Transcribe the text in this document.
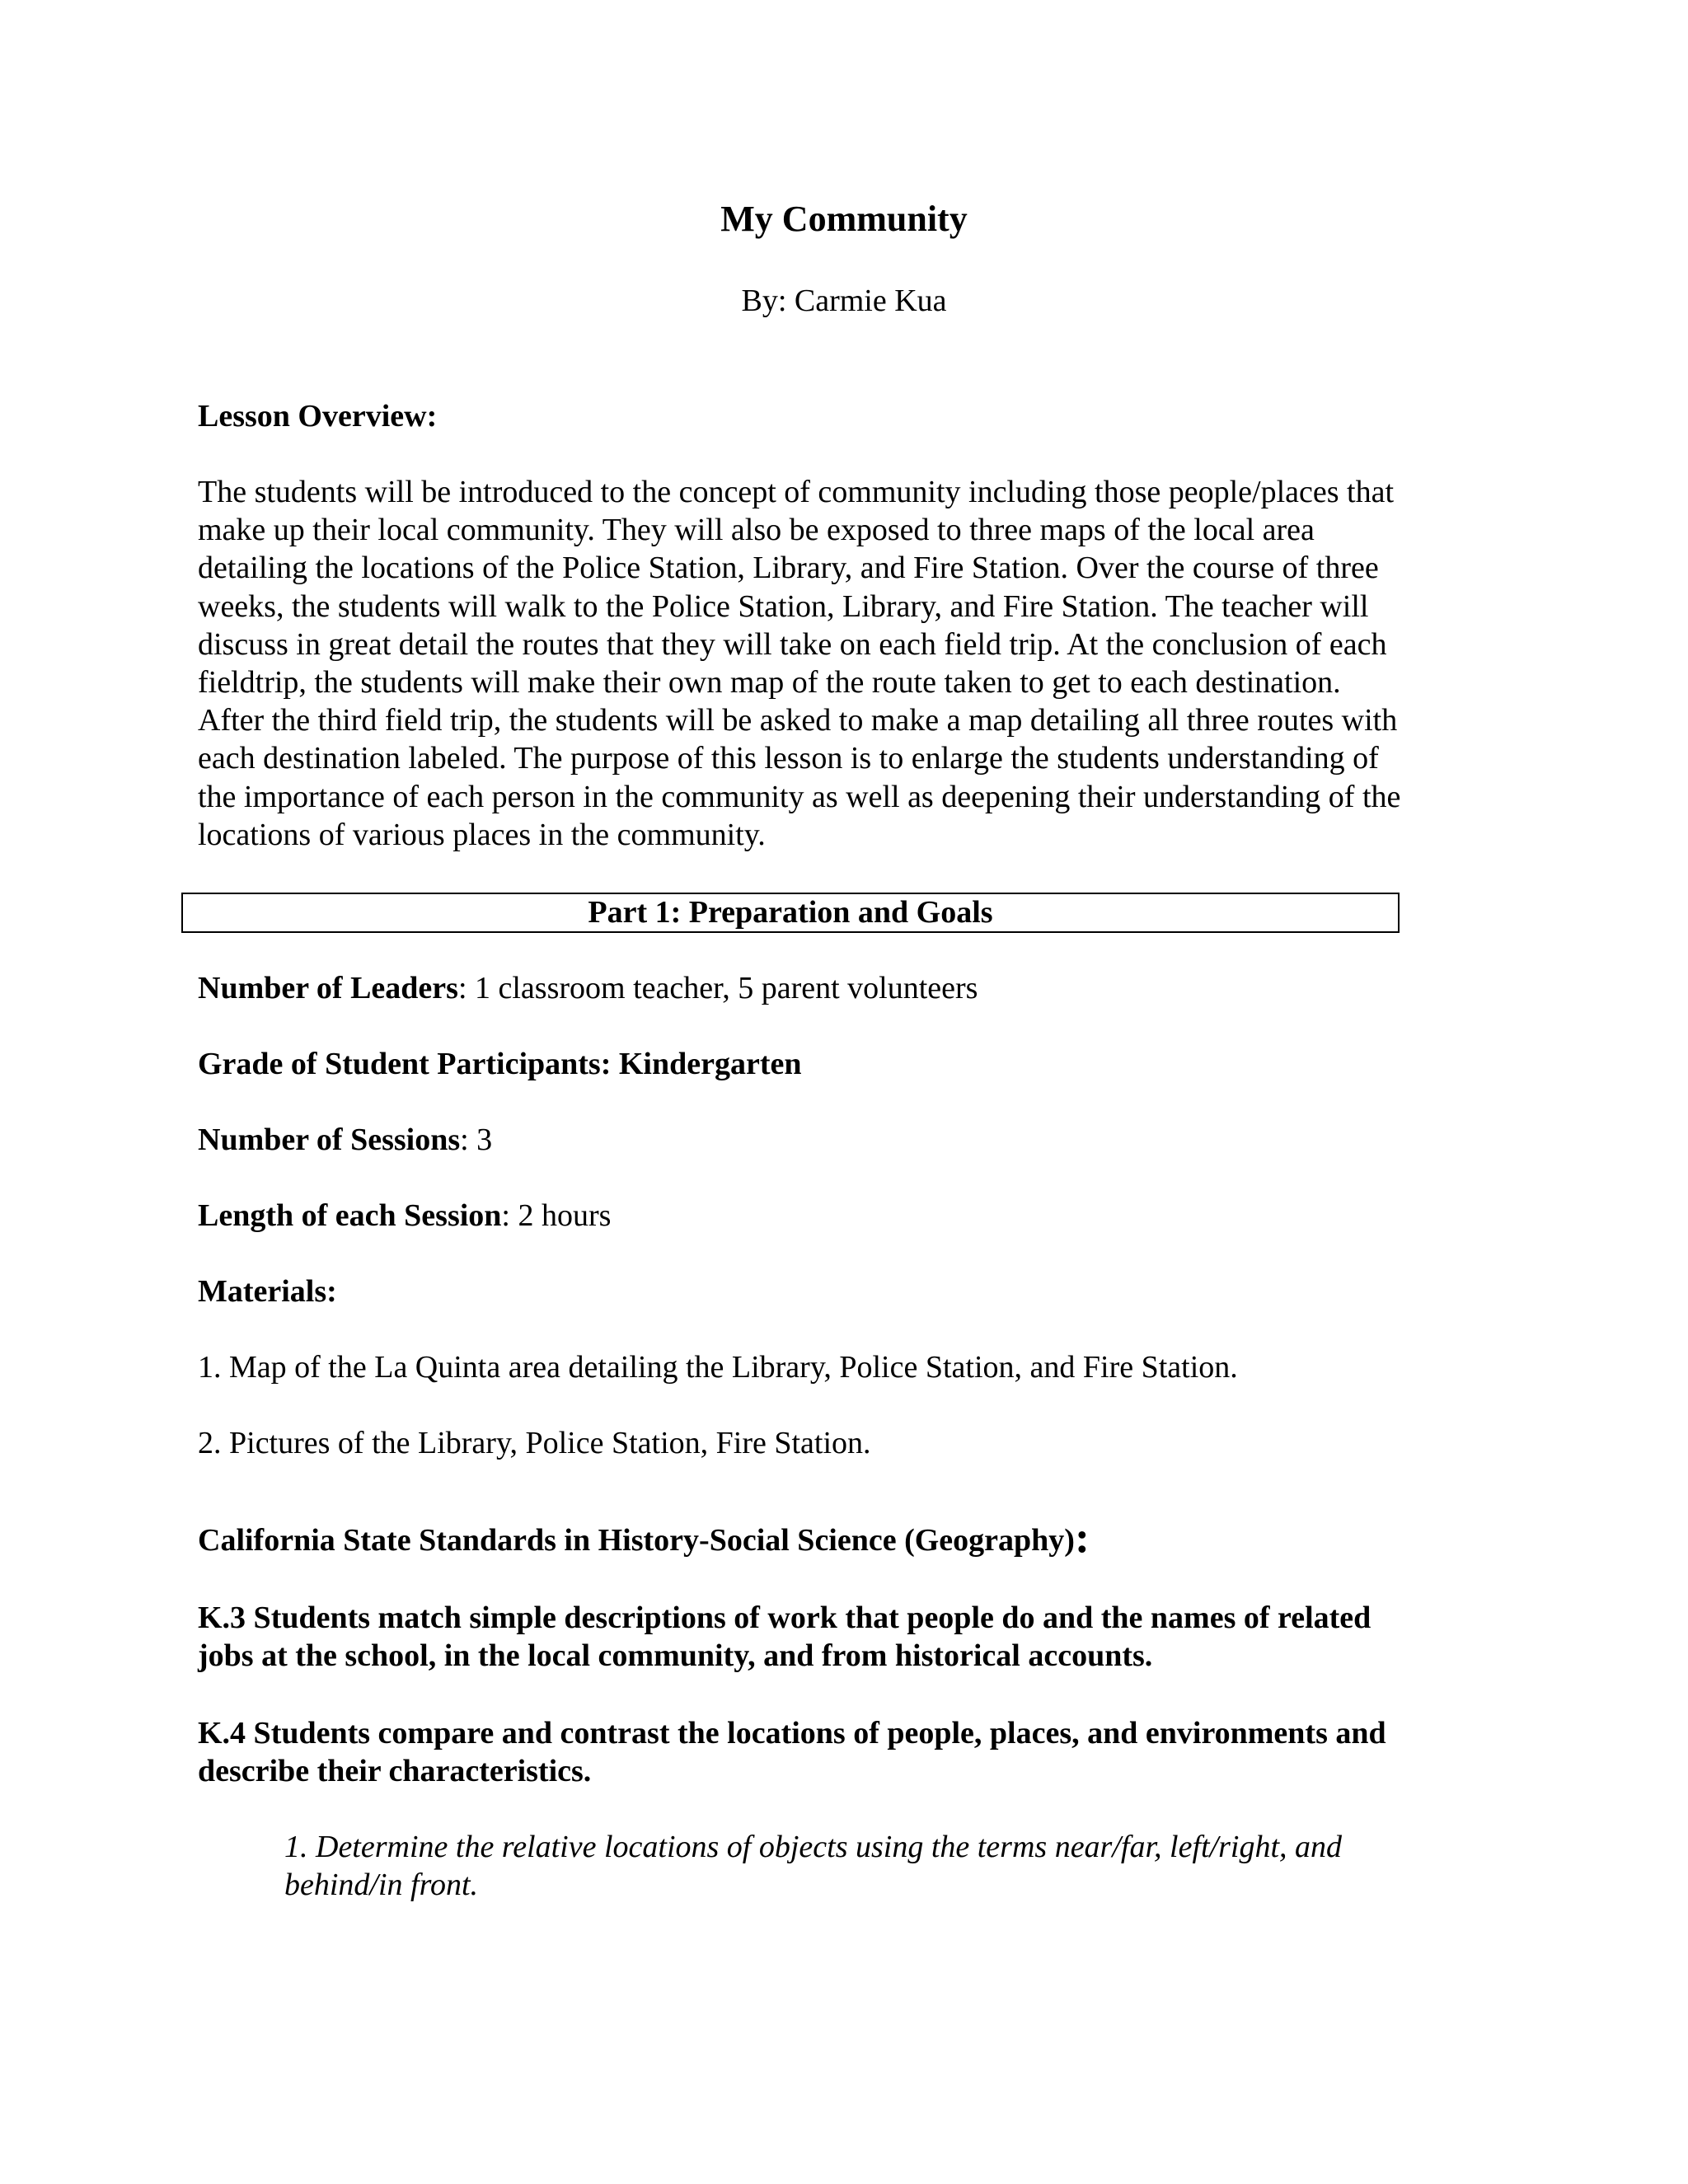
My Community
By: Carmie Kua
Lesson Overview:
The students will be introduced to the concept of community including those people/places that
make up their local community. They will also be exposed to three maps of the local area
detailing the locations of the Police Station, Library, and Fire Station. Over the course of three
weeks, the students will walk to the Police Station, Library, and Fire Station. The teacher will
discuss in great detail the routes that they will take on each field trip. At the conclusion of each
fieldtrip, the students will make their own map of the route taken to get to each destination.
After the third field trip, the students will be asked to make a map detailing all three routes with
each destination labeled. The purpose of this lesson is to enlarge the students understanding of
the importance of each person in the community as well as deepening their understanding of the
locations of various places in the community.
Part 1: Preparation and Goals
Number of Leaders: 1 classroom teacher, 5 parent volunteers
Grade of Student Participants: Kindergarten
Number of Sessions: 3
Length of each Session: 2 hours
Materials:
1. Map of the La Quinta area detailing the Library, Police Station, and Fire Station.
2. Pictures of the Library, Police Station, Fire Station.
California State Standards in History-Social Science (Geography):
K.3 Students match simple descriptions of work that people do and the names of related
jobs at the school, in the local community, and from historical accounts.
K.4 Students compare and contrast the locations of people, places, and environments and
describe their characteristics.
1. Determine the relative locations of objects using the terms near/far, left/right, and
behind/in front.
